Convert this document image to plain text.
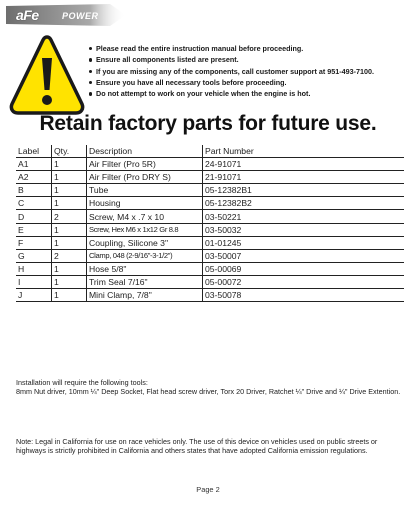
aFe	POWER
Please read the entire instruction manual before proceeding.
Ensure all components listed are present.
If you are missing any of the components, call customer support at 951-493-7100.
Ensure you have all necessary tools before proceeding.
Do not attempt to work on your vehicle when the engine is hot.
Retain factory parts for future use.
Label	Qty.	Description	Part Number
A1	1	Air Filter (Pro 5R)	24-91071
A2	1	Air Filter (Pro DRY S)	21-91071
B	1	Tube	05-12382B1
C	1	Housing	05-12382B2
D	2	Screw, M4 x .7 x 10	03-50221
E	1	Screw, Hex M6 x 1x12 Gr 8.8	03-50032
F	1	Coupling, Silicone 3"	01-01245
G	2	Clamp, 048 (2-9/16"-3-1/2")	03-50007
H	1	Hose 5/8"	05-00069
I	1	Trim Seal 7/16"	05-00072
J	1	Mini Clamp, 7/8"	03-50078
Installation will require the following tools:
8mm Nut driver, 10mm ¼" Deep Socket, Flat head screw driver, Torx 20 Driver, Ratchet ¼" Drive and ¼" Drive Extention.
Note: Legal in California for use on race vehicles only. The use of this device on vehicles used on public streets or highways is strictly prohibited in California and others states that have adopted California emission regulations.
Page 2
